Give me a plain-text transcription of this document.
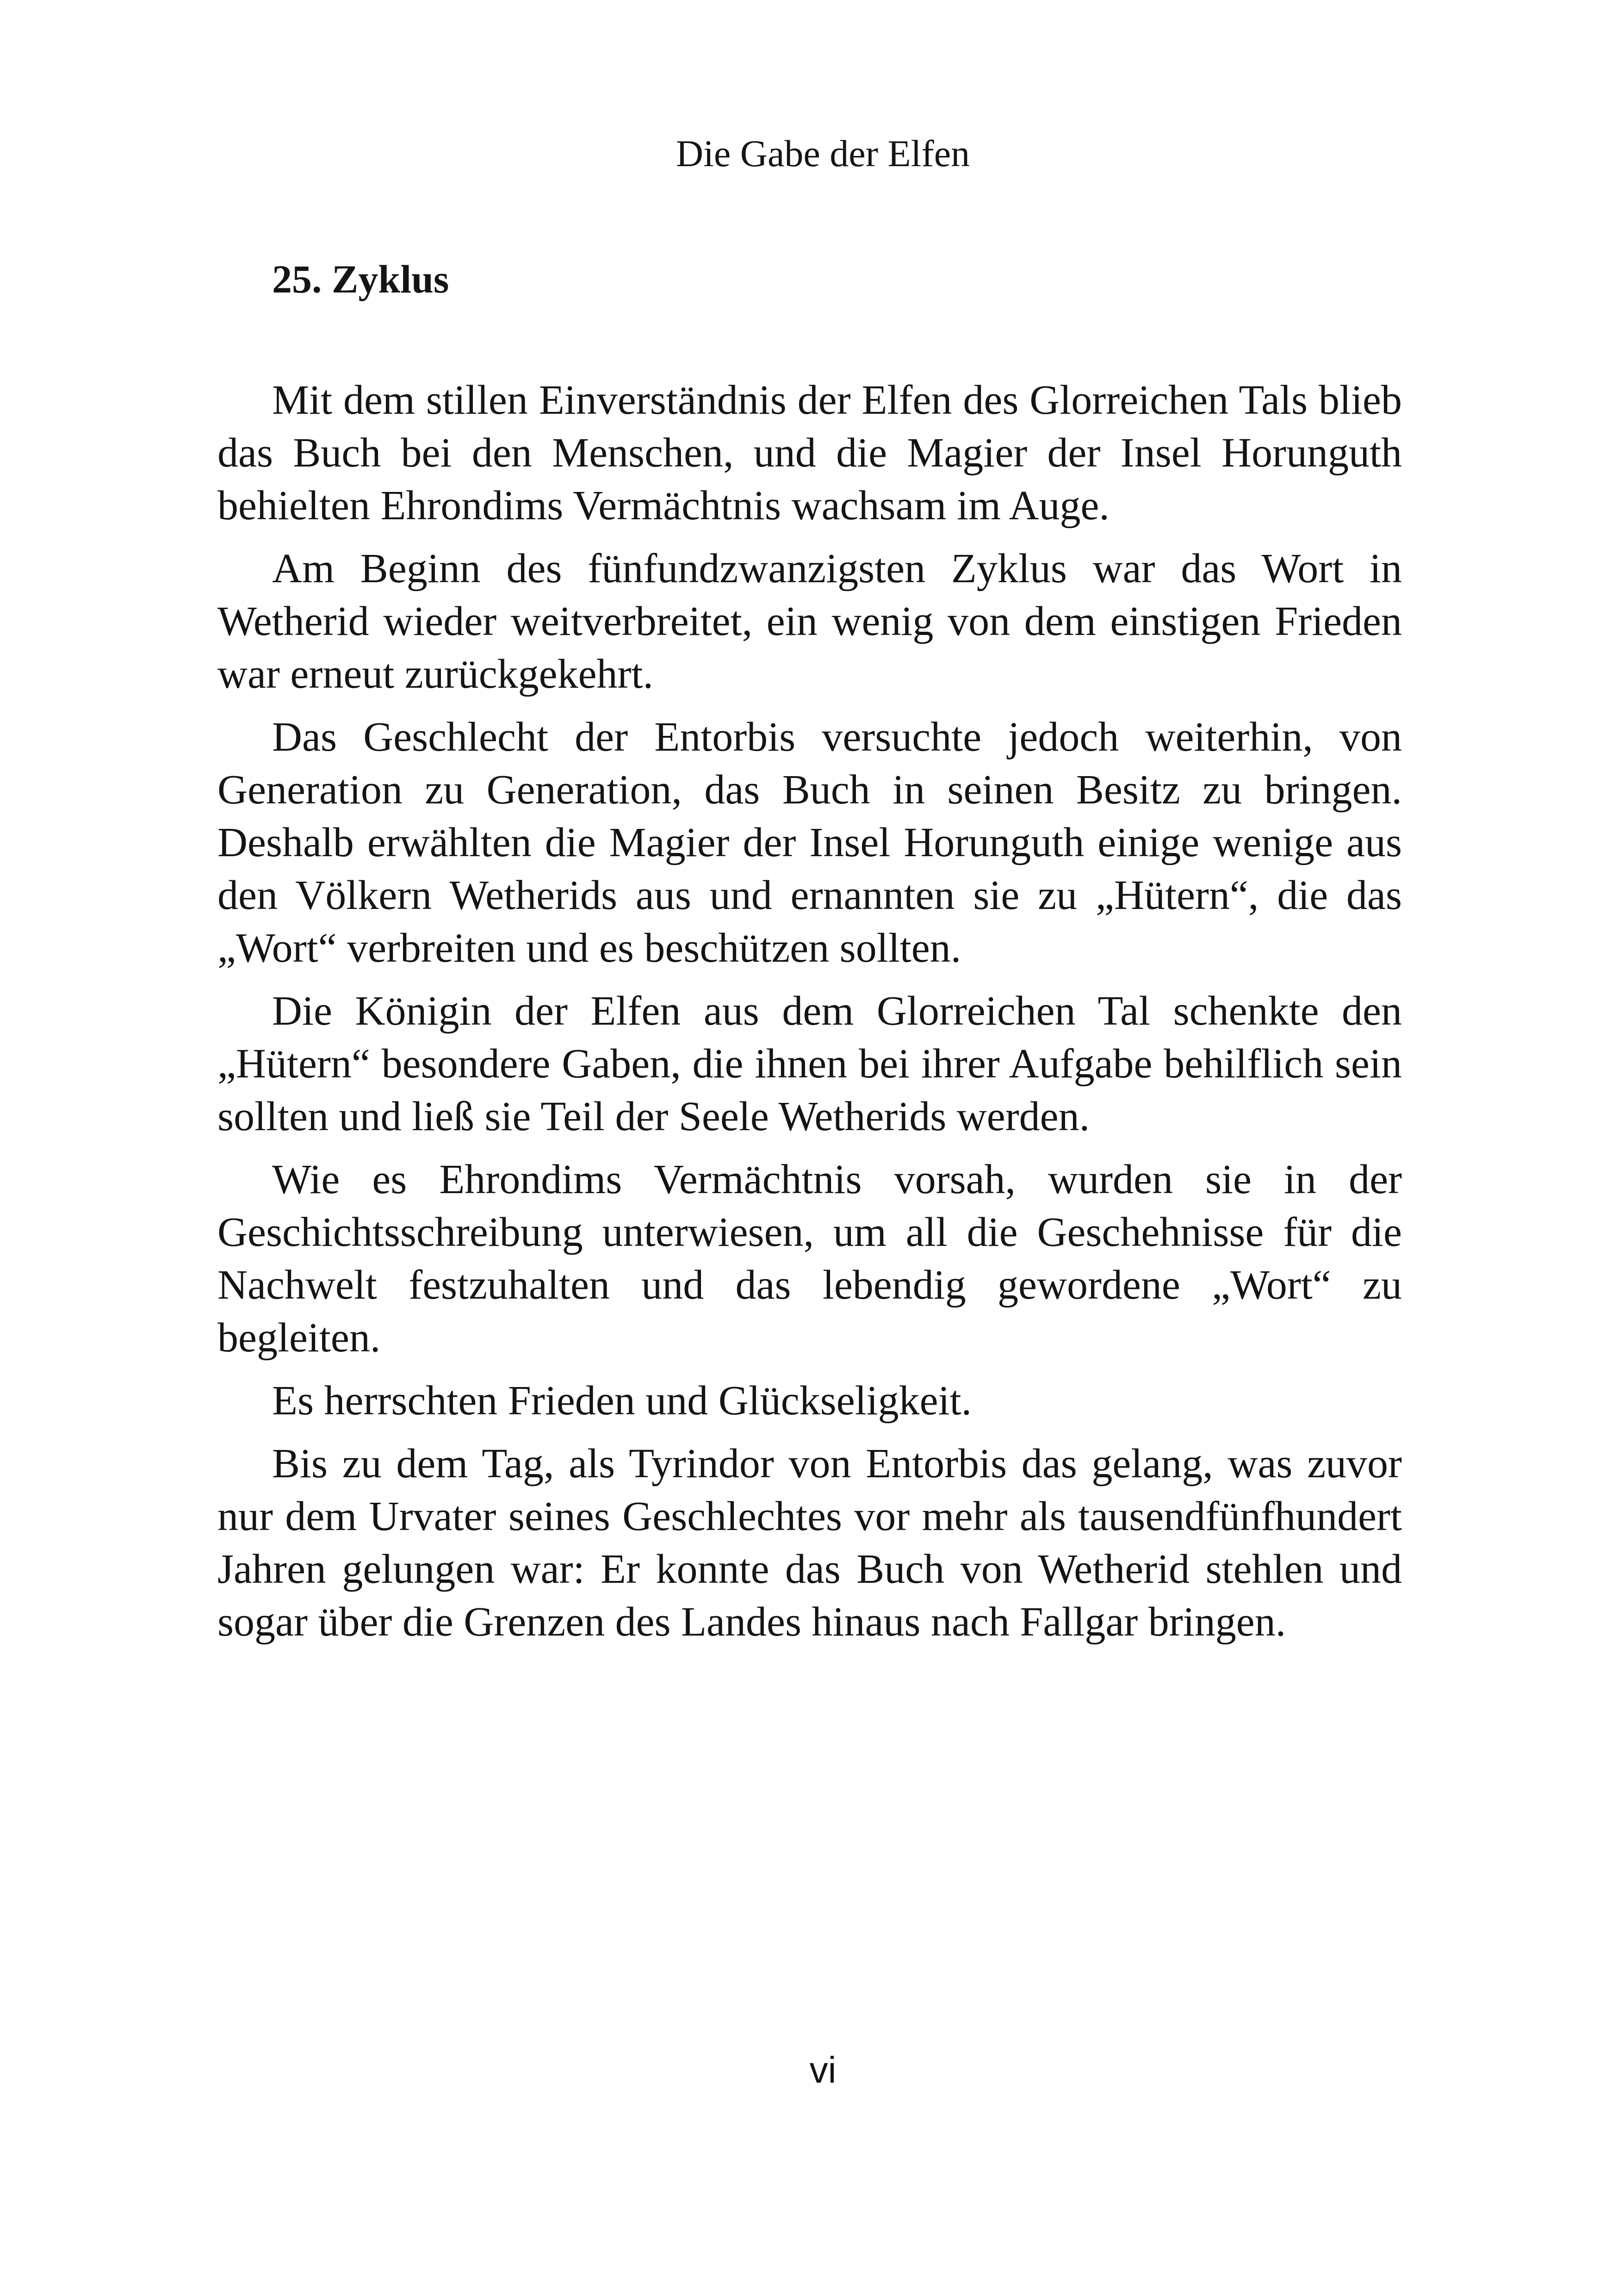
Die Gabe der Elfen
25. Zyklus

Mit dem stillen Einverständnis der Elfen des Glorreichen Tals blieb das Buch bei den Menschen, und die Magier der Insel Horunguth behielten Ehrondims Vermächtnis wachsam im Auge.

Am Beginn des fünfundzwanzigsten Zyklus war das Wort in Wetherid wieder weitverbreitet, ein wenig von dem einstigen Frieden war erneut zurückgekehrt.

Das Geschlecht der Entorbis versuchte jedoch weiterhin, von Generation zu Generation, das Buch in seinen Besitz zu bringen. Deshalb erwählten die Magier der Insel Horunguth einige wenige aus den Völkern Wetherids aus und ernannten sie zu „Hütern“, die das „Wort“ verbreiten und es beschützen sollten.

Die Königin der Elfen aus dem Glorreichen Tal schenkte den „Hütern“ besondere Gaben, die ihnen bei ihrer Aufgabe behilflich sein sollten und ließ sie Teil der Seele Wetherids werden.

Wie es Ehrondims Vermächtnis vorsah, wurden sie in der Geschichtsschreibung unterwiesen, um all die Geschehnisse für die Nachwelt festzuhalten und das lebendig gewordene „Wort“ zu begleiten.

Es herrschten Frieden und Glückseligkeit.

Bis zu dem Tag, als Tyrindor von Entorbis das gelang, was zuvor nur dem Urvater seines Geschlechtes vor mehr als tausendfünfhundert Jahren gelungen war: Er konnte das Buch von Wetherid stehlen und sogar über die Grenzen des Landes hinaus nach Fallgar bringen.

vi
